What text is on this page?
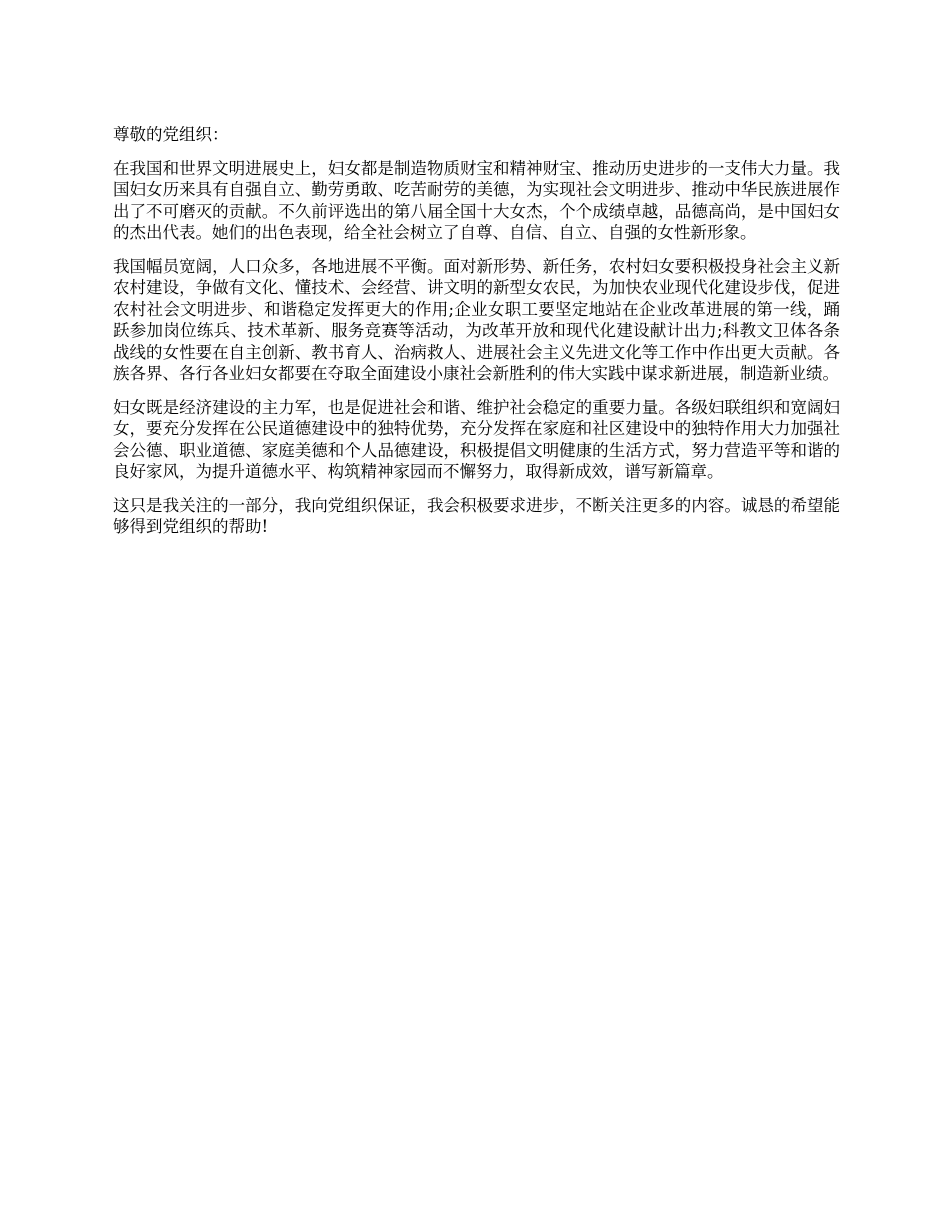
尊敬的党组织：

在我国和世界文明进展史上，妇女都是制造物质财宝和精神财宝、推动历史进步的一支伟大力量。我国妇女历来具有自强自立、勤劳勇敢、吃苦耐劳的美德，为实现社会文明进步、推动中华民族进展作出了不可磨灭的贡献。不久前评选出的第八届全国十大女杰，个个成绩卓越，品德高尚，是中国妇女的杰出代表。她们的出色表现，给全社会树立了自尊、自信、自立、自强的女性新形象。

我国幅员宽阔，人口众多，各地进展不平衡。面对新形势、新任务，农村妇女要积极投身社会主义新农村建设，争做有文化、懂技术、会经营、讲文明的新型女农民，为加快农业现代化建设步伐，促进农村社会文明进步、和谐稳定发挥更大的作用;企业女职工要坚定地站在企业改革进展的第一线，踊跃参加岗位练兵、技术革新、服务竞赛等活动，为改革开放和现代化建设献计出力;科教文卫体各条战线的女性要在自主创新、教书育人、治病救人、进展社会主义先进文化等工作中作出更大贡献。各族各界、各行各业妇女都要在夺取全面建设小康社会新胜利的伟大实践中谋求新进展，制造新业绩。

妇女既是经济建设的主力军，也是促进社会和谐、维护社会稳定的重要力量。各级妇联组织和宽阔妇女，要充分发挥在公民道德建设中的独特优势，充分发挥在家庭和社区建设中的独特作用大力加强社会公德、职业道德、家庭美德和个人品德建设，积极提倡文明健康的生活方式，努力营造平等和谐的良好家风，为提升道德水平、构筑精神家园而不懈努力，取得新成效，谱写新篇章。

这只是我关注的一部分，我向党组织保证，我会积极要求进步，不断关注更多的内容。诚恳的希望能够得到党组织的帮助!
